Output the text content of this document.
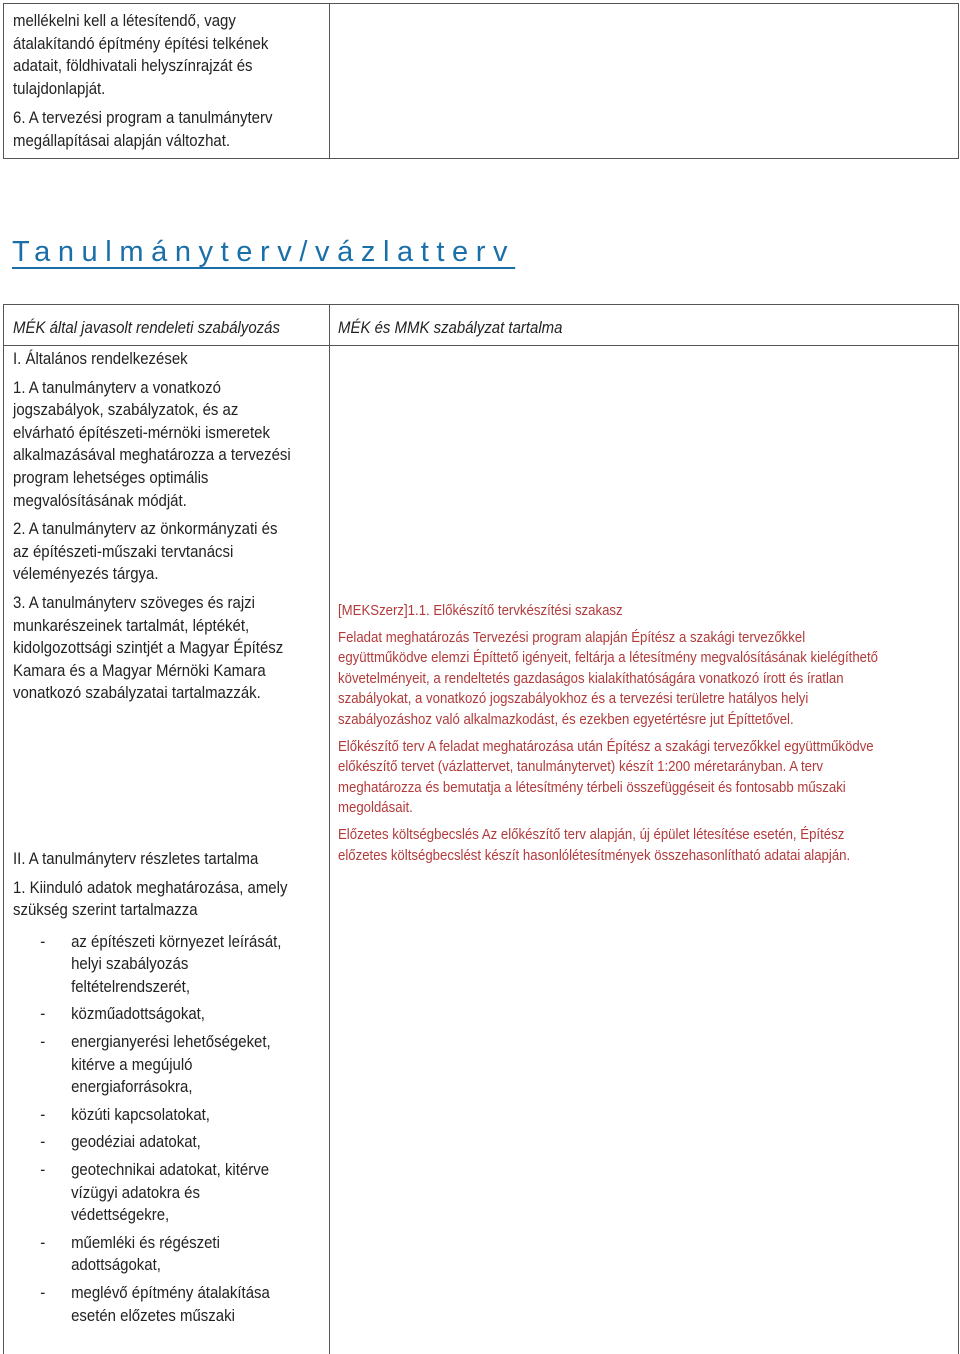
mellékelni kell a létesítendő, vagy
átalakítandó építmény építési telkének
adatait, földhivatali helyszínrajzát és
tulajdonlapját.
6. A tervezési program a tanulmányterv
megállapításai alapján változhat.
Tanulmányterv/vázlatterv
MÉK által javasolt rendeleti szabályozás	MÉK és MMK szabályzat tartalma
I. Általános rendelkezések
1. A tanulmányterv a vonatkozó
jogszabályok, szabályzatok, és az
elvárható építészeti-mérnöki ismeretek
alkalmazásával meghatározza a tervezési
program lehetséges optimális
megvalósításának módját.
2. A tanulmányterv az önkormányzati és
az építészeti-műszaki tervtanácsi
véleményezés tárgya.
3. A tanulmányterv szöveges és rajzi
munkarészeinek tartalmát, léptékét,
kidolgozottsági szintjét a Magyar Építész
Kamara és a Magyar Mérnöki Kamara
vonatkozó szabályzatai tartalmazzák.
II. A tanulmányterv részletes tartalma
1. Kiinduló adatok meghatározása, amely
szükség szerint tartalmazza
- az építészeti környezet leírását,
helyi szabályozás
feltételrendszerét,
- közműadottságokat,
- energianyerési lehetőségeket,
kitérve a megújuló
energiaforrásokra,
- közúti kapcsolatokat,
- geodéziai adatokat,
- geotechnikai adatokat, kitérve
vízügyi adatokra és
védettségekre,
- műemléki és régészeti
adottságokat,
- meglévő építmény átalakítása
esetén előzetes műszaki
[MEKSzerz]1.1. Előkészítő tervkészítési szakasz
Feladat meghatározás Tervezési program alapján Építész a szakági tervezőkkel
együttműködve elemzi Építtető igényeit, feltárja a létesítmény megvalósításának kielégíthető
követelményeit, a rendeltetés gazdaságos kialakíthatóságára vonatkozó írott és íratlan
szabályokat, a vonatkozó jogszabályokhoz és a tervezési területre hatályos helyi
szabályozáshoz való alkalmazkodást, és ezekben egyetértésre jut Építtetővel.
Előkészítő terv A feladat meghatározása után Építész a szakági tervezőkkel együttműködve
előkészítő tervet (vázlattervet, tanulmánytervet) készít 1:200 méretarányban. A terv
meghatározza és bemutatja a létesítmény térbeli összefüggéseit és fontosabb műszaki
megoldásait.
Előzetes költségbecslés Az előkészítő terv alapján, új épület létesítése esetén, Építész
előzetes költségbecslést készít hasonlólétesítmények összehasonlítható adatai alapján.
